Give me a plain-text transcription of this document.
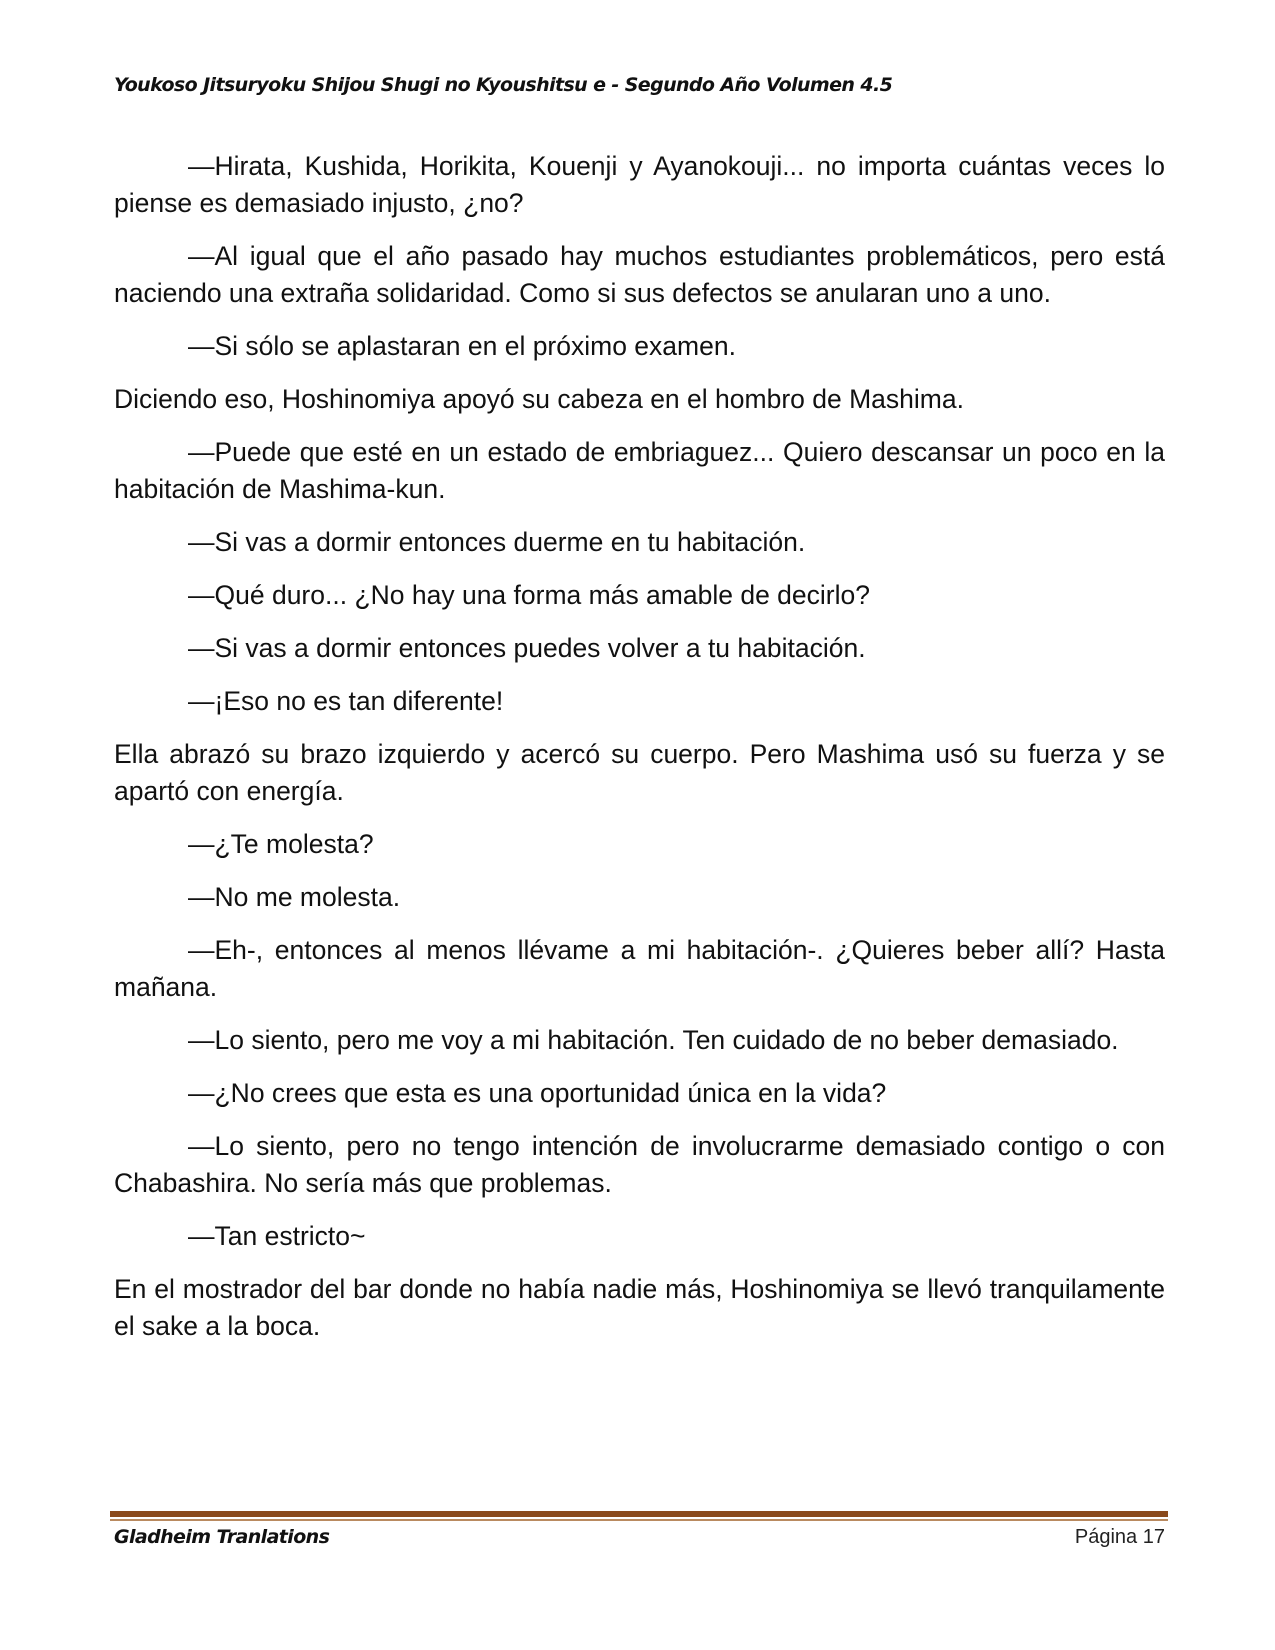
Youkoso Jitsuryoku Shijou Shugi no Kyoushitsu e - Segundo Año Volumen 4.5

—Hirata, Kushida, Horikita, Kouenji y Ayanokouji... no importa cuántas veces lo piense es demasiado injusto, ¿no?

—Al igual que el año pasado hay muchos estudiantes problemáticos, pero está naciendo una extraña solidaridad. Como si sus defectos se anularan uno a uno.

—Si sólo se aplastaran en el próximo examen.

Diciendo eso, Hoshinomiya apoyó su cabeza en el hombro de Mashima.

—Puede que esté en un estado de embriaguez... Quiero descansar un poco en la habitación de Mashima-kun.

—Si vas a dormir entonces duerme en tu habitación.

—Qué duro... ¿No hay una forma más amable de decirlo?

—Si vas a dormir entonces puedes volver a tu habitación.

—¡Eso no es tan diferente!

Ella abrazó su brazo izquierdo y acercó su cuerpo. Pero Mashima usó su fuerza y se apartó con energía.

—¿Te molesta?

—No me molesta.

—Eh-, entonces al menos llévame a mi habitación-. ¿Quieres beber allí? Hasta mañana.

—Lo siento, pero me voy a mi habitación. Ten cuidado de no beber demasiado.

—¿No crees que esta es una oportunidad única en la vida?

—Lo siento, pero no tengo intención de involucrarme demasiado contigo o con Chabashira. No sería más que problemas.

—Tan estricto~

En el mostrador del bar donde no había nadie más, Hoshinomiya se llevó tranquilamente el sake a la boca.

Gladheim Tranlations	Página 17
